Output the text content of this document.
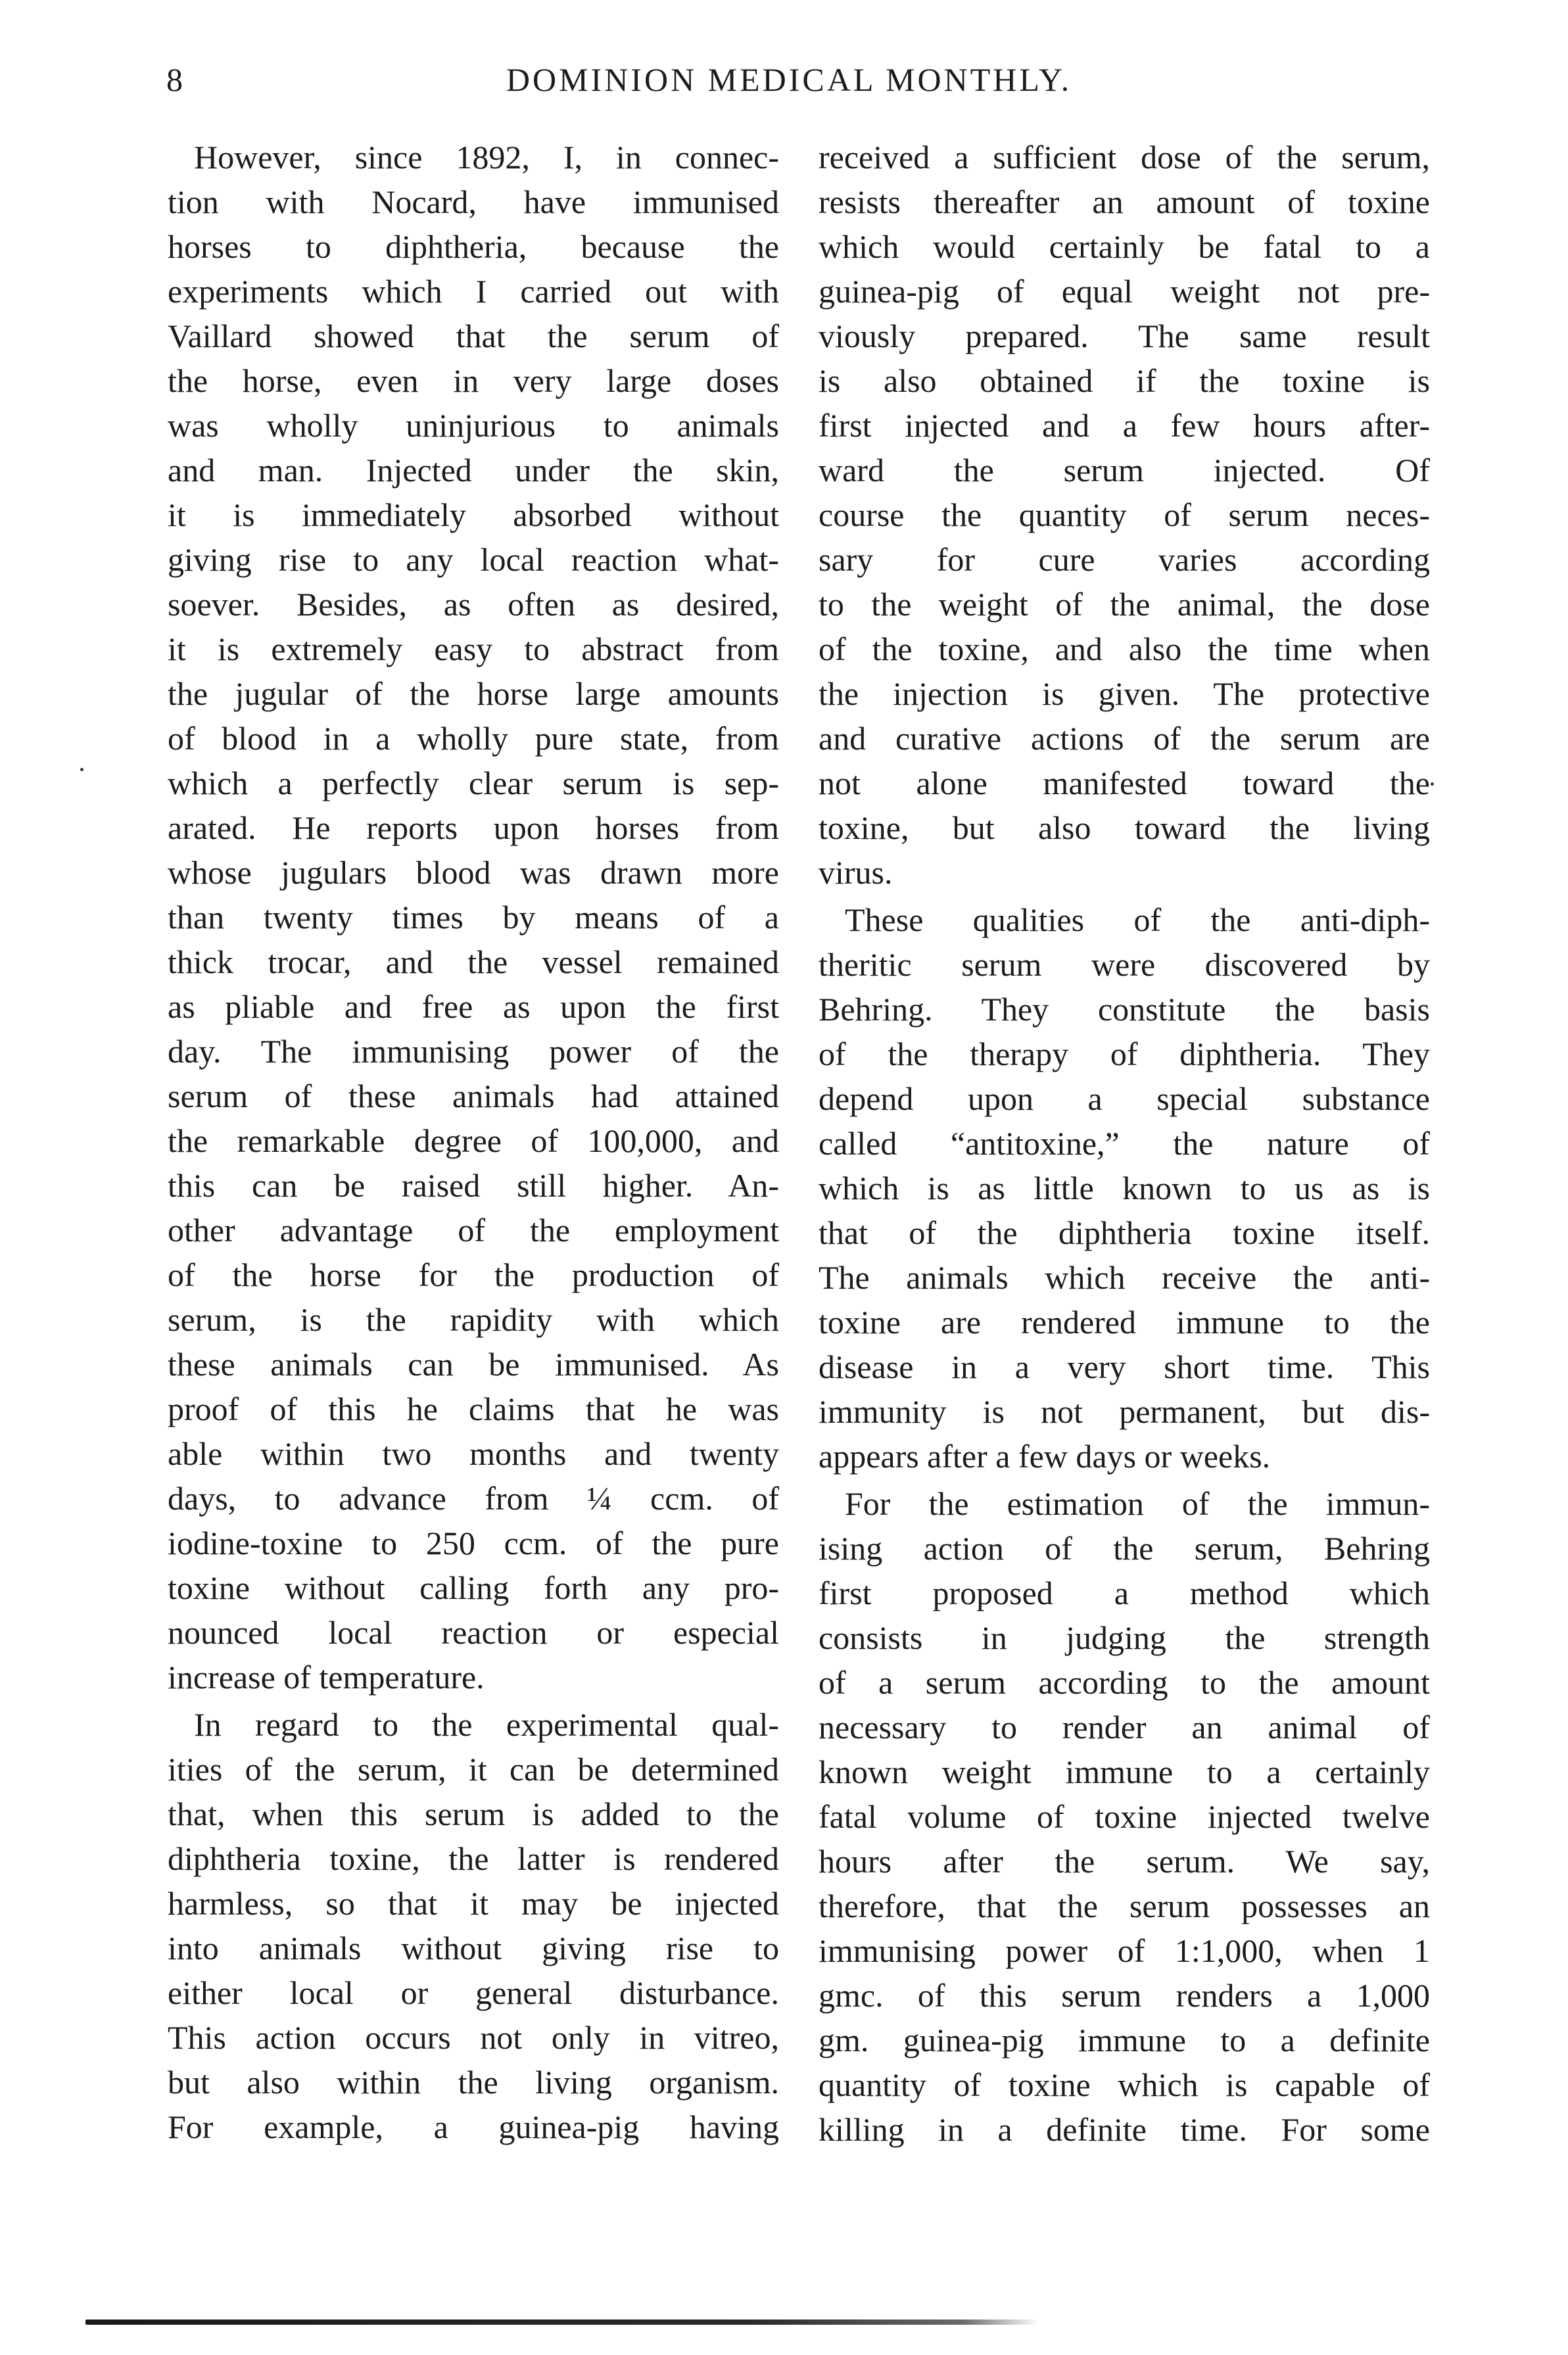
8	DOMINION MEDICAL MONTHLY.
However, since 1892, I, in connec-
tion with Nocard, have immunised
horses to diphtheria, because the
experiments which I carried out with
Vaillard showed that the serum of
the horse, even in very large doses
was wholly uninjurious to animals
and man. Injected under the skin,
it is immediately absorbed without
giving rise to any local reaction what-
soever. Besides, as often as desired,
it is extremely easy to abstract from
the jugular of the horse large amounts
of blood in a wholly pure state, from
which a perfectly clear serum is sep-
arated. He reports upon horses from
whose jugulars blood was drawn more
than twenty times by means of a
thick trocar, and the vessel remained
as pliable and free as upon the first
day. The immunising power of the
serum of these animals had attained
the remarkable degree of 100,000, and
this can be raised still higher. An-
other advantage of the employment
of the horse for the production of
serum, is the rapidity with which
these animals can be immunised. As
proof of this he claims that he was
able within two months and twenty
days, to advance from ¼ ccm. of
iodine-toxine to 250 ccm. of the pure
toxine without calling forth any pro-
nounced local reaction or especial
increase of temperature.
In regard to the experimental qual-
ities of the serum, it can be determined
that, when this serum is added to the
diphtheria toxine, the latter is rendered
harmless, so that it may be injected
into animals without giving rise to
either local or general disturbance.
This action occurs not only in vitreo,
but also within the living organism.
For example, a guinea-pig having
received a sufficient dose of the serum,
resists thereafter an amount of toxine
which would certainly be fatal to a
guinea-pig of equal weight not pre-
viously prepared. The same result
is also obtained if the toxine is
first injected and a few hours after-
ward the serum injected. Of
course the quantity of serum neces-
sary for cure varies according
to the weight of the animal, the dose
of the toxine, and also the time when
the injection is given. The protective
and curative actions of the serum are
not alone manifested toward the
toxine, but also toward the living
virus.
These qualities of the anti-diph-
theritic serum were discovered by
Behring. They constitute the basis
of the therapy of diphtheria. They
depend upon a special substance
called “antitoxine,” the nature of
which is as little known to us as is
that of the diphtheria toxine itself.
The animals which receive the anti-
toxine are rendered immune to the
disease in a very short time. This
immunity is not permanent, but dis-
appears after a few days or weeks.
For the estimation of the immun-
ising action of the serum, Behring
first proposed a method which
consists in judging the strength
of a serum according to the amount
necessary to render an animal of
known weight immune to a certainly
fatal volume of toxine injected twelve
hours after the serum. We say,
therefore, that the serum possesses an
immunising power of 1:1,000, when 1
gmc. of this serum renders a 1,000
gm. guinea-pig immune to a definite
quantity of toxine which is capable of
killing in a definite time. For some
